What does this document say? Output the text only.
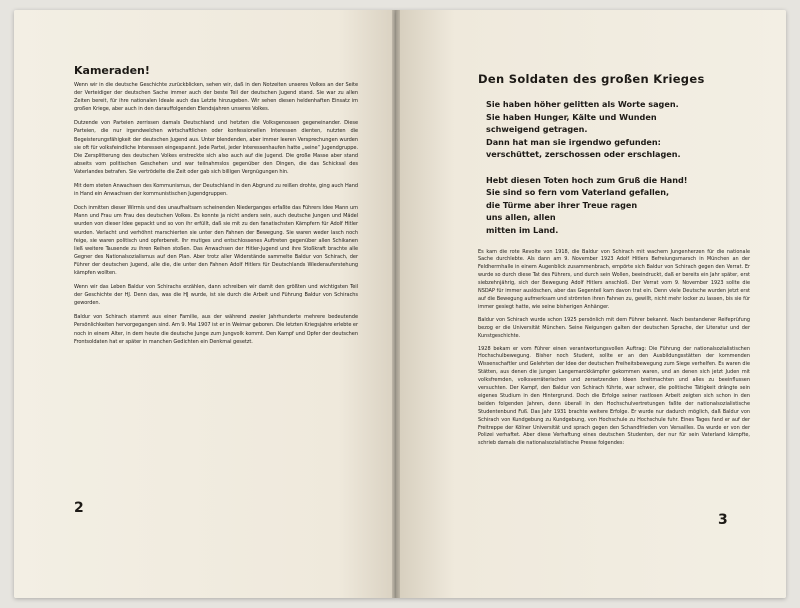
Kameraden!

Wenn wir in die deutsche Geschichte zurückblicken, sehen wir, daß in den Notzeiten unseres Volkes an der Seite der Verteidiger der deutschen Sache immer auch der beste Teil der deutschen Jugend stand. Sie war zu allen Zeiten bereit, für ihre nationalen Ideale auch das Letzte hinzugeben. Wir sehen diesen heldenhaften Einsatz im großen Kriege, aber auch in den darauffolgenden Elendsjahren unseres Volkes.

Dutzende von Parteien zerrissen damals Deutschland und hetzten die Volksgenossen gegeneinander. Diese Parteien, die nur irgendwelchen wirtschaftlichen oder konfessionellen Interessen dienten, nutzten die Begeisterungsfähigkeit der deutschen Jugend aus. Unter blendenden, aber immer leeren Versprechungen wurden sie oft für volksfeindliche Interessen eingespannt. Jede Partei, jeder Interessenhaufen hatte „seine“ Jugendgruppe. Die Zersplitterung des deutschen Volkes erstreckte sich also auch auf die Jugend. Die große Masse aber stand abseits vom politischen Geschehen und war teilnahmslos gegenüber den Dingen, die das Schicksal des Vaterlandes betrafen. Sie vertrödelte die Zeit oder gab sich billigen Vergnügungen hin.

Mit dem steten Anwachsen des Kommunismus, der Deutschland in den Abgrund zu reißen drohte, ging auch Hand in Hand ein Anwachsen der kommunistischen Jugendgruppen.

Doch inmitten dieser Wirrnis und des unaufhaltsam scheinenden Niederganges erfaßte das Führers Idee Mann um Mann und Frau um Frau des deutschen Volkes. Es konnte ja nicht anders sein, auch deutsche Jungen und Mädel wurden von dieser Idee gepackt und so von ihr erfüllt, daß sie mit zu den fanatischsten Kämpfern für Adolf Hitler wurden. Verlacht und verhöhnt marschierten sie unter den Fahnen der Bewegung. Sie waren weder lasch noch feige, sie waren politisch und opferbereit. Ihr mutiges und entschlossenes Auftreten gegenüber allen Schikanen ließ weitere Tausende zu ihren Reihen stoßen. Das Anwachsen der Hitler-Jugend und ihre Stoßkraft brachte alle Gegner des Nationalsozialismus auf den Plan. Aber trotz aller Widerstände sammelte Baldur von Schirach, der Führer der deutschen Jugend, alle die, die unter den Fahnen Adolf Hitlers für Deutschlands Wiederauferstehung kämpfen wollten.

Wenn wir das Leben Baldur von Schirachs erzählen, dann schreiben wir damit den größten und wichtigsten Teil der Geschichte der HJ. Denn das, was die HJ wurde, ist sie durch die Arbeit und Führung Baldur von Schirachs geworden.

Baldur von Schirach stammt aus einer Familie, aus der während zweier Jahrhunderte mehrere bedeutende Persönlichkeiten hervorgegangen sind. Am 9. Mai 1907 ist er in Weimar geboren. Die letzten Kriegsjahre erlebte er noch in einem Alter, in dem heute die deutsche Junge zum Jungvolk kommt. Den Kampf und Opfer der deutschen Frontsoldaten hat er später in manchen Gedichten ein Denkmal gesetzt.

2
Den Soldaten des großen Krieges
Sie haben höher gelitten als Worte sagen.
Sie haben Hunger, Kälte und Wunden
schweigend getragen.
Dann hat man sie irgendwo gefunden:
verschüttet, zerschossen oder erschlagen.

Hebt diesen Toten hoch zum Gruß die Hand!
Sie sind so fern vom Vaterland gefallen,
die Türme aber ihrer Treue ragen
uns allen, allen
mitten im Land.

Es kam die rote Revolte von 1918, die Baldur von Schirach mit wachem Jungenherzen für die nationale Sache durchlebte. Als dann am 9. November 1923 Adolf Hitlers Befreiungsmarsch in München an der Feldherrnhalle in einem Augenblick zusammenbrach, empörte sich Baldur von Schirach gegen den Verrat. Er wurde so durch diese Tat des Führers, und durch sein Wollen, beeindruckt, daß er bereits ein Jahr später, erst siebzehnjährig, sich der Bewegung Adolf Hitlers anschloß. Der Verrat vom 9. November 1923 sollte die NSDAP für immer auslöschen, aber das Gegenteil kam davon trat ein. Denn viele Deutsche wurden jetzt erst auf die Bewegung aufmerksam und strömten ihren Fahnen zu, gewillt, nicht mehr locker zu lassen, bis sie für immer gesiegt hatte, wie seine bisherigen Anhänger.

Baldur von Schirach wurde schon 1925 persönlich mit dem Führer bekannt. Nach bestandener Reifeprüfung bezog er die Universität München. Seine Neigungen galten der deutschen Sprache, der Literatur und der Kunstgeschichte.

1928 bekam er vom Führer einen verantwortungsvollen Auftrag: Die Führung der nationalsozialistischen Hochschulbewegung. Bisher noch Student, sollte er an den Ausbildungsstätten der kommenden Wissenschaftler und Gelehrten der Idee der deutschen Freiheitsbewegung zum Siege verhelfen. Es waren die Stätten, aus denen die jungen Langemarckkämpfer gekommen waren, und an denen sich jetzt Juden mit volksfremden, volksverräterischen und zersetzenden Ideen breitmachten und alles zu beeinflussen versuchten. Der Kampf, den Baldur von Schirach führte, war schwer, die politische Tätigkeit drängte sein eigenes Studium in den Hintergrund. Doch die Erfolge seiner rastlosen Arbeit zeigten sich schon in den beiden folgenden Jahren, denn überall in den Hochschulvertretungen faßte der nationalsozialistische Studentenbund Fuß. Das Jahr 1931 brachte weitere Erfolge. Er wurde nur dadurch möglich, daß Baldur von Schirach von Kundgebung zu Kundgebung, von Hochschule zu Hochschule fuhr. Eines Tages fand er auf der Freitreppe der Kölner Universität und sprach gegen den Schandfrieden von Versailles. Da wurde er von der Polizei verhaftet. Aber diese Verhaftung eines deutschen Studenten, der nur für sein Vaterland kämpfte, schrieb damals die nationalsozialistische Presse folgendes:

3
